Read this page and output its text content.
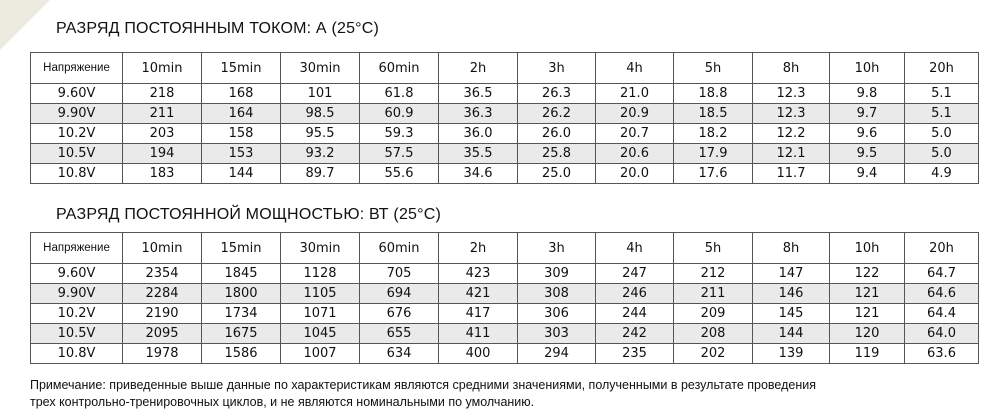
РАЗРЯД ПОСТОЯННЫМ ТОКОМ: А (25°C)
Напряжение	10min	15min	30min	60min	2h	3h	4h	5h	8h	10h	20h
9.60V	218	168	101	61.8	36.5	26.3	21.0	18.8	12.3	9.8	5.1
9.90V	211	164	98.5	60.9	36.3	26.2	20.9	18.5	12.3	9.7	5.1
10.2V	203	158	95.5	59.3	36.0	26.0	20.7	18.2	12.2	9.6	5.0
10.5V	194	153	93.2	57.5	35.5	25.8	20.6	17.9	12.1	9.5	5.0
10.8V	183	144	89.7	55.6	34.6	25.0	20.0	17.6	11.7	9.4	4.9
РАЗРЯД ПОСТОЯННОЙ МОЩНОСТЬЮ: ВТ (25°C)
Напряжение	10min	15min	30min	60min	2h	3h	4h	5h	8h	10h	20h
9.60V	2354	1845	1128	705	423	309	247	212	147	122	64.7
9.90V	2284	1800	1105	694	421	308	246	211	146	121	64.6
10.2V	2190	1734	1071	676	417	306	244	209	145	121	64.4
10.5V	2095	1675	1045	655	411	303	242	208	144	120	64.0
10.8V	1978	1586	1007	634	400	294	235	202	139	119	63.6
Примечание: приведенные выше данные по характеристикам являются средними значениями, полученными в результате проведения
трех контрольно-тренировочных циклов, и не являются номинальными по умолчанию.
